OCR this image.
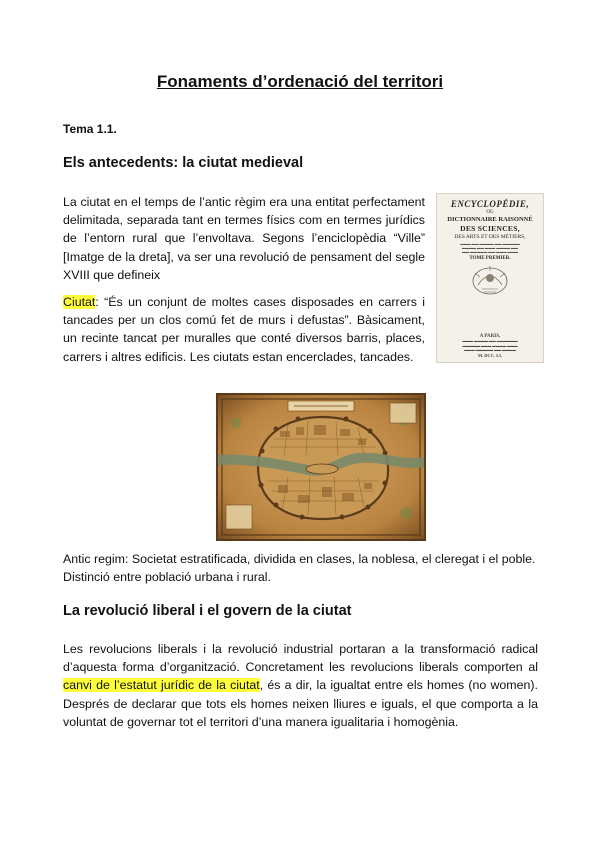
Fonaments d’ordenació del territori

Tema 1.1.

Els antecedents: la ciutat medieval

La ciutat en el temps de l’antic règim era una entitat perfectament delimitada, separada tant en termes físics com en termes jurídics de l’entorn rural que l’envoltava. Segons l’enciclopèdia “Ville” [Imatge de la dreta], va ser una revolució de pensament del segle XVIII que defineix

Ciutat: “És un conjunt de moltes cases disposades en carrers i tancades per un clos comú fet de murs i defustas”. Bàsicament, un recinte tancat per muralles que conté diversos barris, places, carrers i altres edificis. Les ciutats estan encerclades, tancades.

ENCYCLOPÉDIE,
OU
DICTIONNAIRE RAISONNÉ
DES SCIENCES,
DES ARTS ET DES MÉTIERS,
▬▬▬ ▬▬ ▬▬▬▬ ▬▬ ▬▬▬▬▬
▬▬▬▬ ▬▬ ▬▬▬ ▬▬▬▬ ▬▬
▬▬ ▬▬▬▬▬ ▬▬ ▬▬▬ ▬▬▬
TOME PREMIER.
A PARIS,
▬▬▬ ▬▬▬▬ ▬▬ ▬▬▬▬▬▬
▬▬▬▬▬ ▬▬▬ ▬▬▬▬ ▬▬▬
▬▬▬ ▬▬▬▬▬ ▬▬ ▬▬▬▬
M. DCC. LI.

Antic regim: Societat estratificada, dividida en clases, la noblesa, el cleregat i el poble. Distinció entre població urbana i rural.

La revolució liberal i el govern de la ciutat

Les revolucions liberals i la revolució industrial portaran a la transformació radical d’aquesta forma d’organització. Concretament les revolucions liberals comporten al canvi de l’estatut jurídic de la ciutat, és a dir, la igualtat entre els homes (no women). Després de declarar que tots els homes neixen lliures e iguals, el que comporta a la voluntat de governar tot el territori d’una manera igualitaria i homogènia.
